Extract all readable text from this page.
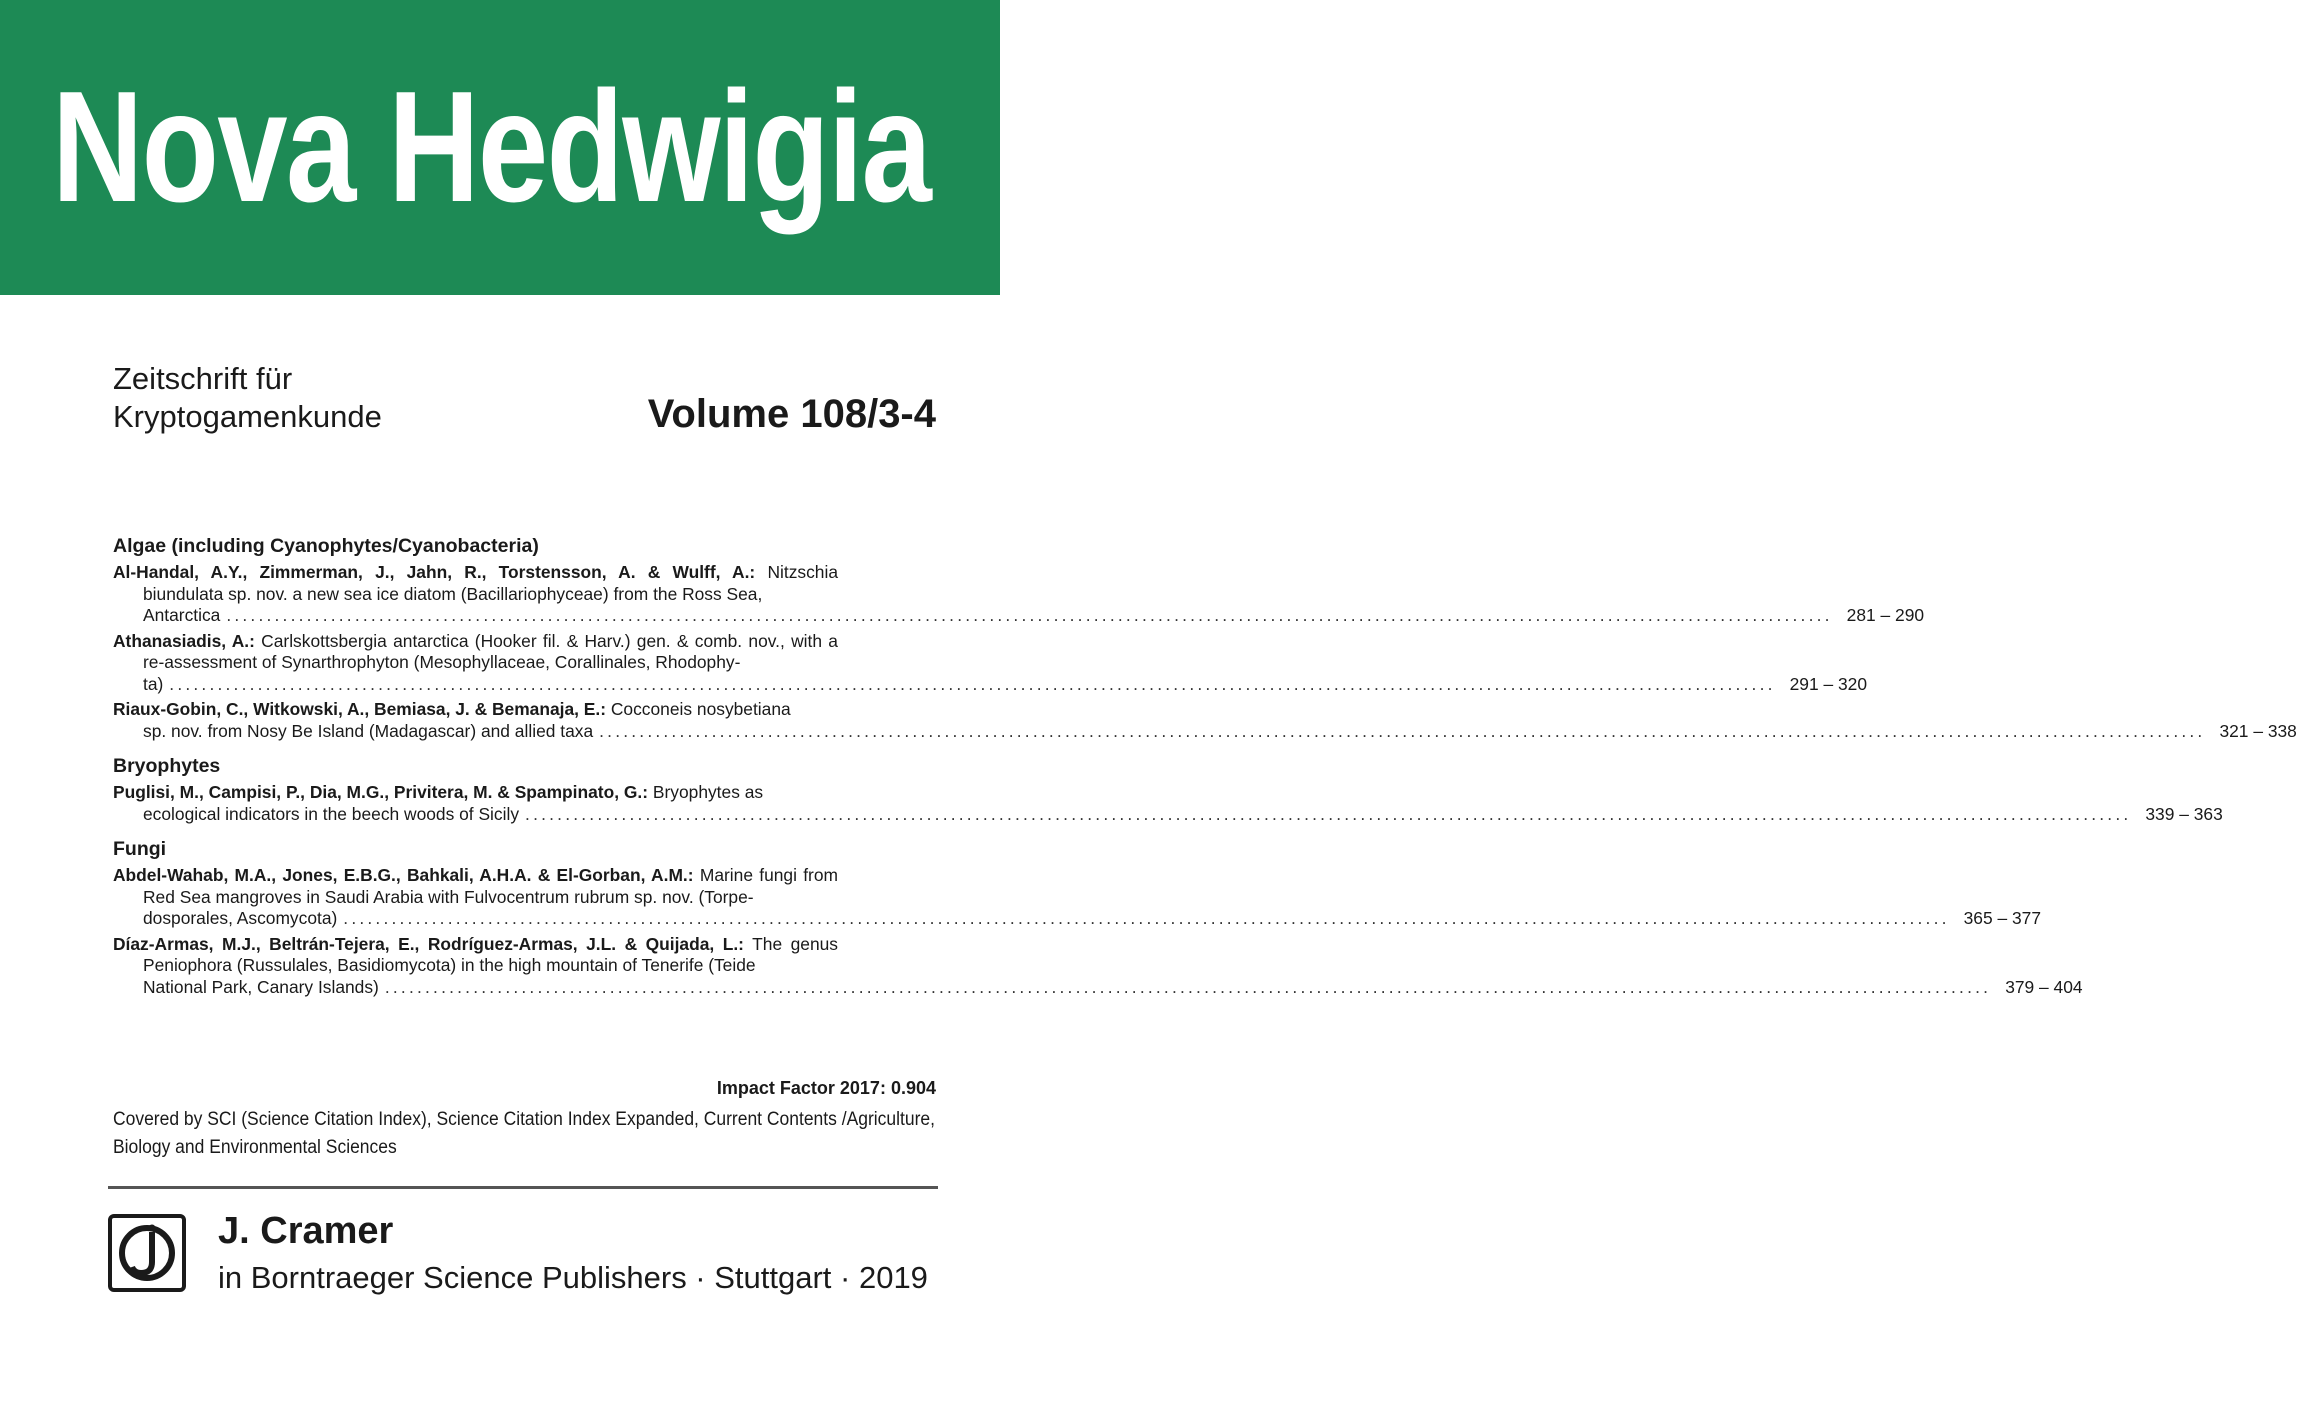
Nova Hedwigia
Zeitschrift für
Kryptogamenkunde	Volume 108/3-4
Algae (including Cyanophytes/Cyanobacteria)
Al-Handal, A.Y., Zimmerman, J., Jahn, R., Torstensson, A. & Wulff, A.: Nitzschia biundulata sp. nov. a new sea ice diatom (Bacillariophyceae) from the Ross Sea,
Antarctica ........................................................................................................................................................................................................ 281 – 290
Athanasiadis, A.: Carlskottsbergia antarctica (Hooker fil. & Harv.) gen. & comb. nov., with a re-assessment of Synarthrophyton (Mesophyllaceae, Corallinales, Rhodophy-
ta) ........................................................................................................................................................................................................ 291 – 320
Riaux-Gobin, C., Witkowski, A., Bemiasa, J. & Bemanaja, E.: Cocconeis nosybetiana
sp. nov. from Nosy Be Island (Madagascar) and allied taxa ........................................................................................................................................................................................................ 321 – 338
Bryophytes
Puglisi, M., Campisi, P., Dia, M.G., Privitera, M. & Spampinato, G.: Bryophytes as
ecological indicators in the beech woods of Sicily ........................................................................................................................................................................................................ 339 – 363
Fungi
Abdel-Wahab, M.A., Jones, E.B.G., Bahkali, A.H.A. & El-Gorban, A.M.: Marine fungi from Red Sea mangroves in Saudi Arabia with Fulvocentrum rubrum sp. nov. (Torpe-
dosporales, Ascomycota) ........................................................................................................................................................................................................ 365 – 377
Díaz-Armas, M.J., Beltrán-Tejera, E., Rodríguez-Armas, J.L. & Quijada, L.: The genus Peniophora (Russulales, Basidiomycota) in the high mountain of Tenerife (Teide
National Park, Canary Islands) ........................................................................................................................................................................................................ 379 – 404
Impact Factor 2017: 0.904
Covered by SCI (Science Citation Index), Science Citation Index Expanded, Current Contents /Agriculture, Biology and Environmental Sciences
J. Cramer
in Borntraeger Science Publishers · Stuttgart · 2019
